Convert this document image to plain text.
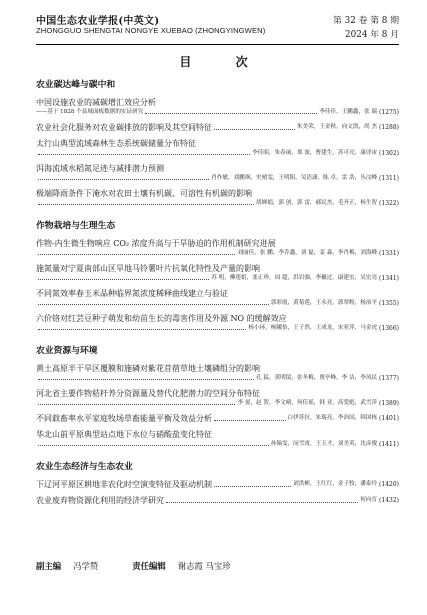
中国生态农业学报(中英文)
ZHONGGUO SHENGTAI NONGYE XUEBAO (ZHONGYINGWEN)
第 32 卷 第 8 期
2024 年 8 月
目 次
农业碳达峰与碳中和
中国设施农业的减碳增汇效应分析
——基于 1828 个县域面板数据的实证研究	李佳佳，王鹏鑫，张 瑞 (1275)
农业社会化服务对农业碳排放的影响及其空间特征	朱美荣，王金秋，向文凯，尚 杰 (1288)
太行山典型流域森林生态系统碳储量分布特征
李佳昭，朱春丽，郑 波，曹建生，苏可亮，康译宙 (1302)
洱海流域水稻氮足迹与减排潜力预测
肖作敏，刘鹏飒，史晴雯，王明阳，吴语潇，陈 卓，雷 浩，丛汶峰 (1311)
极端降雨条件下淹水对农田土壤有机碳、可溶性有机碳的影响
胡婵娟，郭 创，郭 雷，郝民杰，毛齐正，杨生智 (1322)
作物栽培与生理生态
作物-内生微生物响应 CO₂ 浓度升高与干旱胁迫的作用机制研究进展
刘丽佳，张 鹏，李乔鑫，刘 磊，姜 森，李肖梅，刘海峰 (1331)
施氮量对宁夏南部山区旱地马铃薯叶片抗氧化特性及产量的影响
苏 明，柳莲娟，张正珍，周 超，洪岩强，李徽过，康建宏，吴宏亮 (1341)
不同氮效率春玉米品种临界氮浓度稀释曲线建立与验证
郭彩霞，黄菊莲，王永亮，郭翠粉，杨治平 (1355)
六价铬对红芸豆种子萌发和幼苗生长的毒害作用及外源 NO 的缓解效应
杨小环，杨曦怡，王子然，王成龙，宋亚萍，马金虎 (1366)
农业资源与环境
黄土高原半干旱区覆膜和施磷对紫花苜蓿草地土壤磷组分的影响
孔 猛，黄明镜，张冬梅，贾亭峰，李 洁，李凤民 (1377)
河北省主要作物秸秆养分资源量及替代化肥潜力的空间分布特征
李 晏，赵 贺，李文晴，何佳瑶，韩 亚，高爱彪，武雪萍 (1389)
不同载畜率水平家庭牧场草畜能量平衡及效益分析	白伊苏拉，朱瑞亮，李治国，韩国栋 (1401)
华北山前平原典型站点地下水位与硝酸盐变化特征
孙翰雯，闵雪霄，王玉才，刘美英，沈彦俊 (1411)
农业生态经济与生态农业
下辽河平原区耕地非农化时空演变特征及驱动机制	刘洪彬，王红红，金子牧，潘泰玲 (1420)
农业废弃物资源化利用的经济学研究	何向育 (1432)
副主编 冯学赞	责任编辑 谢志霞 马宝珍
